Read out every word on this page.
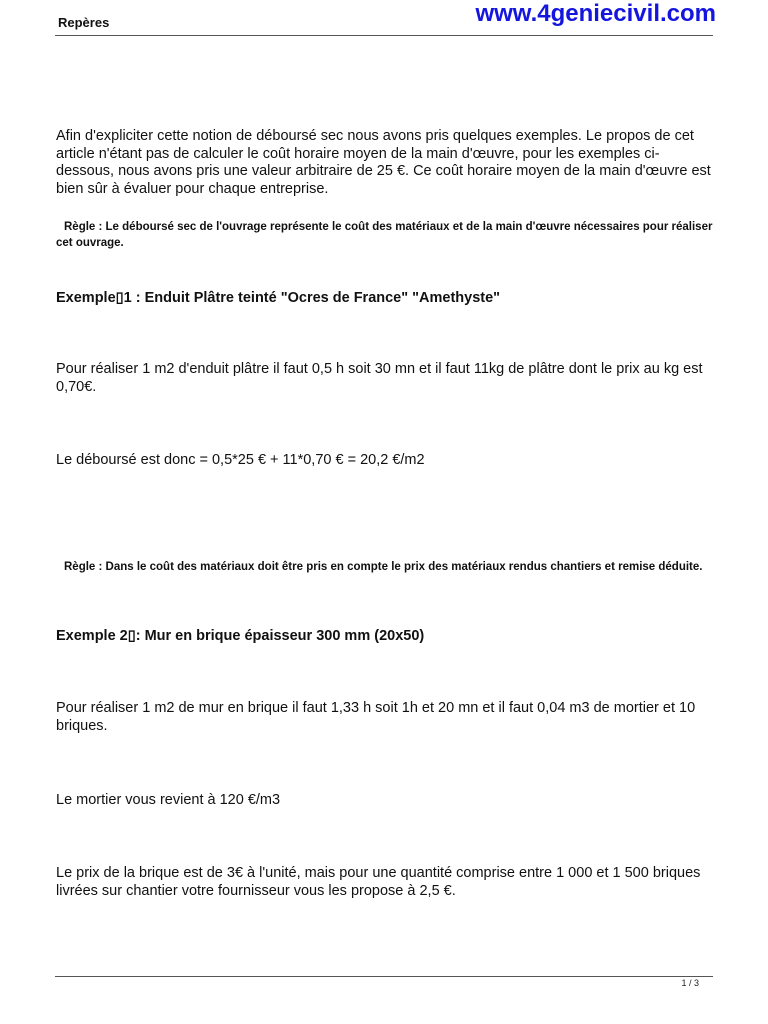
Repères	www.4geniecivil.com
Afin d'expliciter cette notion de déboursé sec nous avons pris quelques exemples. Le propos de cet article n'étant pas de calculer le coût horaire moyen de la main d'œuvre, pour les exemples ci-dessous, nous avons pris une valeur arbitraire de 25 €. Ce coût horaire moyen de la main d'œuvre est bien sûr à évaluer pour chaque entreprise.
Règle : Le déboursé sec de l'ouvrage représente le coût des matériaux et de la main d'œuvre nécessaires pour réaliser cet ouvrage.
Exemple▯1 : Enduit Plâtre teinté "Ocres de France" "Amethyste"
Pour réaliser 1 m2 d'enduit plâtre il faut 0,5 h soit 30 mn et il faut 11kg de plâtre dont le prix au kg est 0,70€.
Le déboursé est donc = 0,5*25 € + 11*0,70 € = 20,2 €/m2
Règle : Dans le coût des matériaux doit être pris en compte le prix des matériaux rendus chantiers et remise déduite.
Exemple 2▯: Mur en brique épaisseur 300 mm (20x50)
Pour réaliser 1 m2 de mur en brique il faut 1,33 h soit 1h et 20 mn et il faut 0,04 m3 de mortier et 10 briques.
Le mortier vous revient à 120 €/m3
Le prix de la brique est de 3€ à l'unité, mais pour une quantité comprise entre 1 000 et 1 500 briques livrées sur chantier votre fournisseur vous les propose à 2,5 €.
1 / 3
